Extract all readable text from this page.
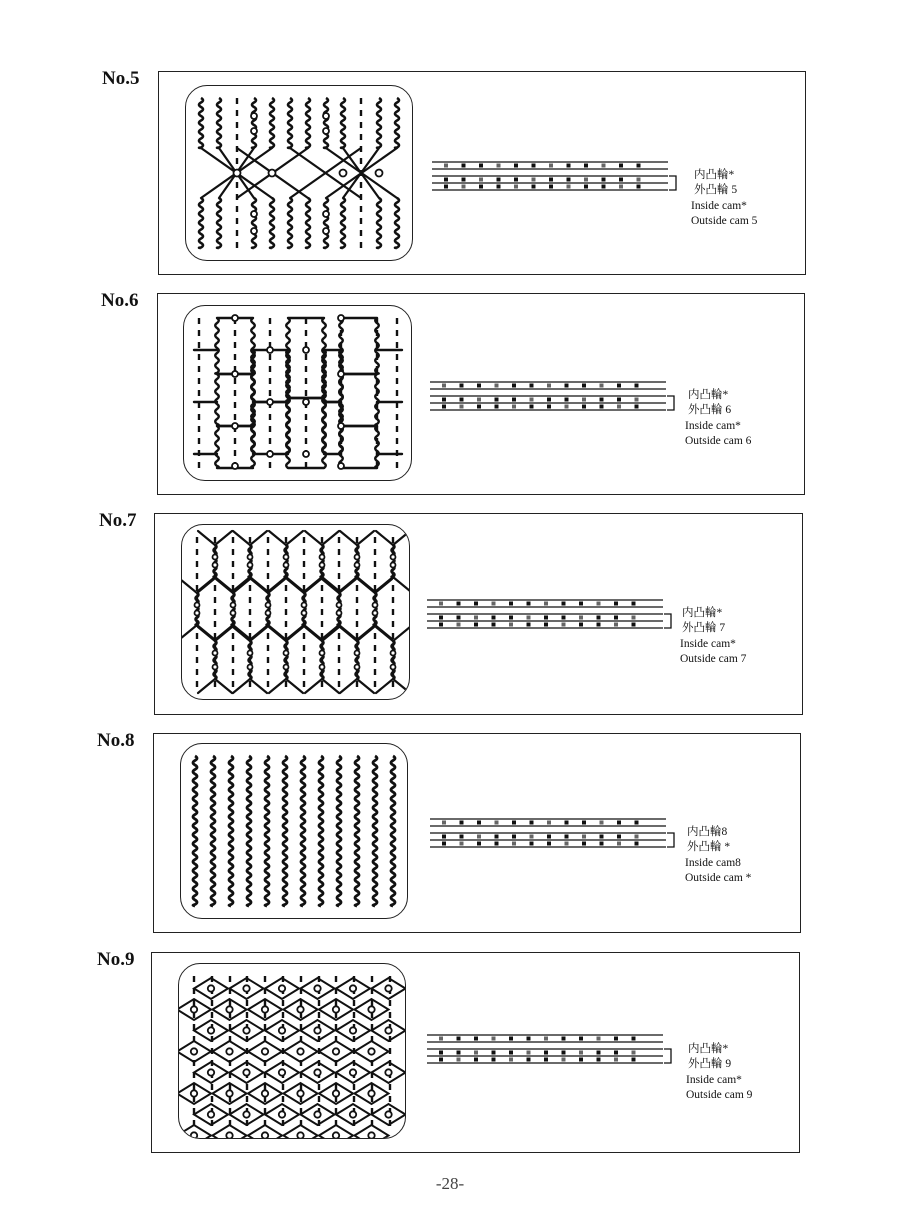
No.5
内凸輪*
外凸輪 5
Inside cam*
Outside cam 5
No.6
内凸輪*
外凸輪 6
Inside cam*
Outside cam 6
No.7
内凸輪*
外凸輪 7
Inside cam*
Outside cam 7
No.8
内凸輪8
外凸輪 *
Inside cam8
Outside cam *
No.9
内凸輪*
外凸輪 9
Inside cam*
Outside cam 9
-28-
